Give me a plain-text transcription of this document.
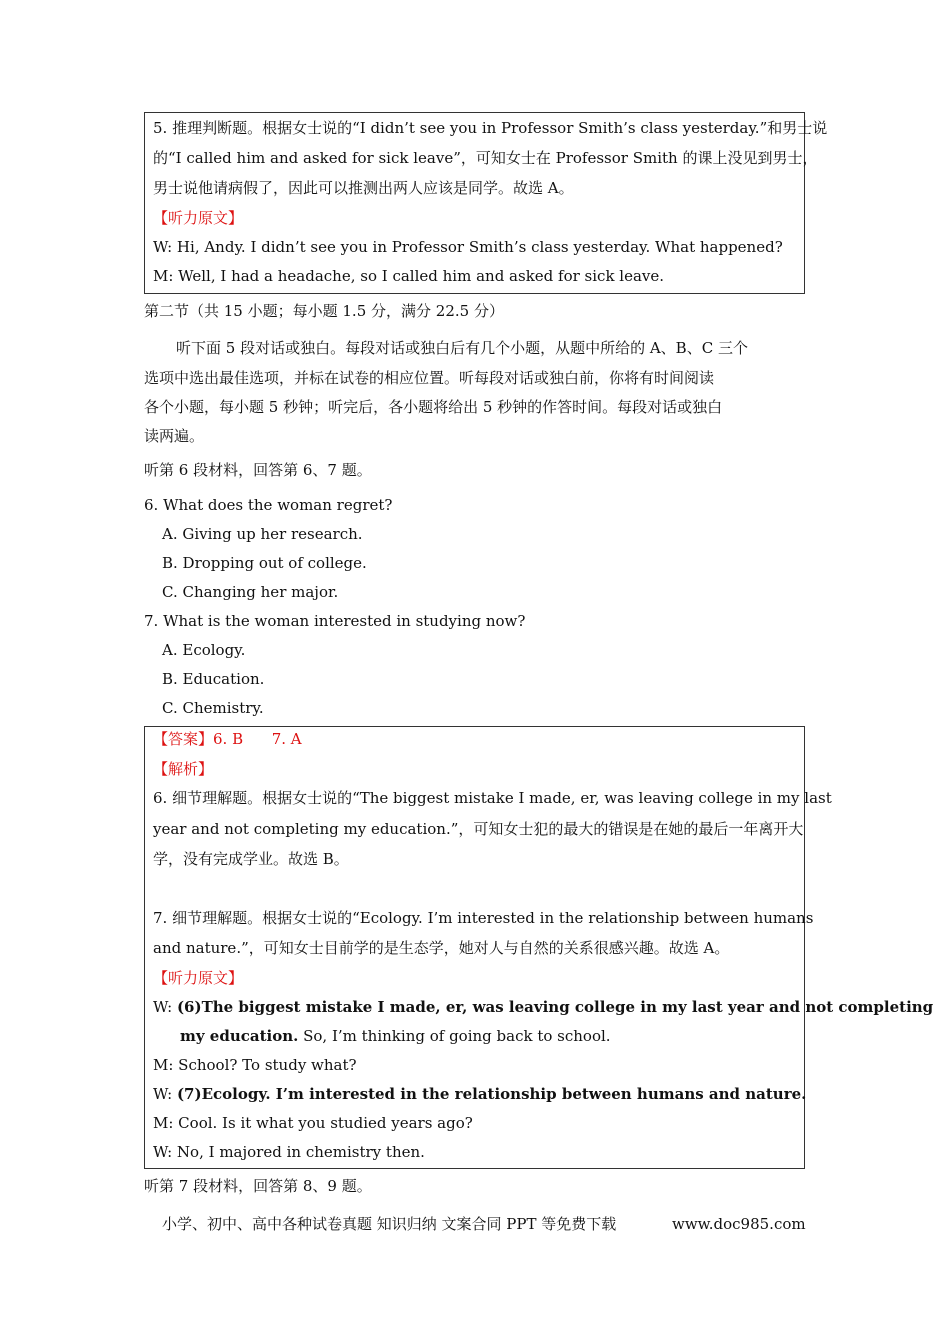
5. 推理判断题。根据女士说的“I didn’t see you in Professor Smith’s class yesterday.”和男士说
的“I called him and asked for sick leave”，可知女士在 Professor Smith 的课上没见到男士，
男士说他请病假了，因此可以推测出两人应该是同学。故选 A。
【听力原文】
W: Hi, Andy. I didn’t see you in Professor Smith’s class yesterday. What happened?
M: Well, I had a headache, so I called him and asked for sick leave.
第二节（共 15 小题；每小题 1.5 分，满分 22.5 分）
听下面 5 段对话或独白。每段对话或独白后有几个小题，从题中所给的 A、B、C 三个
选项中选出最佳选项，并标在试卷的相应位置。听每段对话或独白前，你将有时间阅读
各个小题，每小题 5 秒钟；听完后，各小题将给出 5 秒钟的作答时间。每段对话或独白
读两遍。
听第 6 段材料，回答第 6、7 题。
6. What does the woman regret?
A. Giving up her research.
B. Dropping out of college.
C. Changing her major.
7. What is the woman interested in studying now?
A. Ecology.
B. Education.
C. Chemistry.
【答案】6. B      7. A
【解析】
6. 细节理解题。根据女士说的“The biggest mistake I made, er, was leaving college in my last
year and not completing my education.”，可知女士犯的最大的错误是在她的最后一年离开大
学，没有完成学业。故选 B。
7. 细节理解题。根据女士说的“Ecology. I’m interested in the relationship between humans
and nature.”，可知女士目前学的是生态学，她对人与自然的关系很感兴趣。故选 A。
【听力原文】
W: (6)The biggest mistake I made, er, was leaving college in my last year and not completing
my education. So, I’m thinking of going back to school.
M: School? To study what?
W: (7)Ecology. I’m interested in the relationship between humans and nature.
M: Cool. Is it what you studied years ago?
W: No, I majored in chemistry then.
听第 7 段材料，回答第 8、9 题。
小学、初中、高中各种试卷真题 知识归纳 文案合同 PPT 等免费下载	www.doc985.com
